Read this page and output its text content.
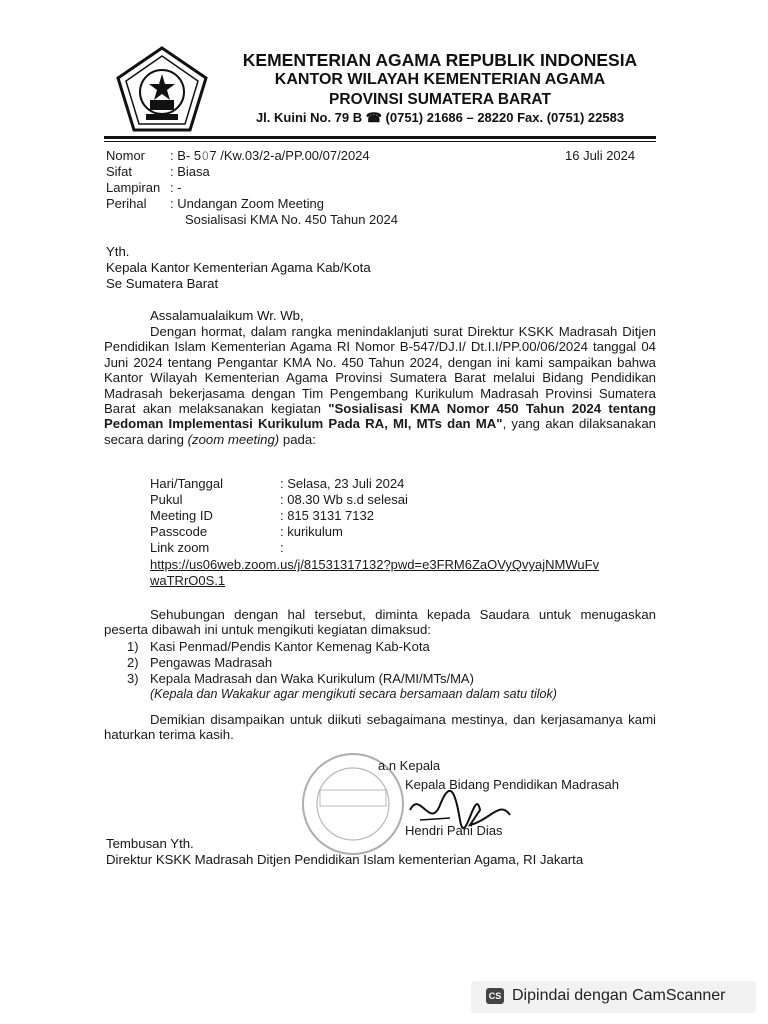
KEMENTERIAN AGAMA REPUBLIK INDONESIA
KANTOR WILAYAH KEMENTERIAN AGAMA
PROVINSI SUMATERA BARAT
Jl. Kuini No. 79 B ☎ (0751) 21686 – 28220 Fax. (0751) 22583
Nomor : B- 5𝟶7 /Kw.03/2-a/PP.00/07/2024	16 Juli 2024
Sifat	: Biasa
Lampiran : -
Perihal : Undangan Zoom Meeting
Sosialisasi KMA No. 450 Tahun 2024
Yth.
Kepala Kantor Kementerian Agama Kab/Kota
Se Sumatera Barat
Assalamualaikum Wr. Wb,
Dengan hormat, dalam rangka menindaklanjuti surat Direktur KSKK Madrasah Ditjen Pendidikan Islam Kementerian Agama RI Nomor B-547/DJ.I/ Dt.I.I/PP.00/06/2024 tanggal 04 Juni 2024 tentang Pengantar KMA No. 450 Tahun 2024, dengan ini kami sampaikan bahwa Kantor Wilayah Kementerian Agama Provinsi Sumatera Barat melalui Bidang Pendidikan Madrasah bekerjasama dengan Tim Pengembang Kurikulum Madrasah Provinsi Sumatera Barat akan melaksanakan kegiatan "Sosialisasi KMA Nomor 450 Tahun 2024 tentang Pedoman Implementasi Kurikulum Pada RA, MI, MTs dan MA", yang akan dilaksanakan secara daring (zoom meeting) pada:
Hari/Tanggal	: Selasa, 23 Juli 2024
Pukul	: 08.30 Wb s.d selesai
Meeting ID	: 815 3131 7132
Passcode	: kurikulum
Link zoom	:
https://us06web.zoom.us/j/81531317132?pwd=e3FRM6ZaOVyQvyajNMWuFv
waTRrO0S.1
Sehubungan dengan hal tersebut, diminta kepada Saudara untuk menugaskan peserta dibawah ini untuk mengikuti kegiatan dimaksud:
1) Kasi Penmad/Pendis Kantor Kemenag Kab-Kota
2) Pengawas Madrasah
3) Kepala Madrasah dan Waka Kurikulum (RA/MI/MTs/MA)
(Kepala dan Wakakur agar mengikuti secara bersamaan dalam satu tilok)
Demikian disampaikan untuk diikuti sebagaimana mestinya, dan kerjasamanya kami haturkan terima kasih.
a.n Kepala
Kepala Bidang Pendidikan Madrasah
Hendri Pani Dias
Tembusan Yth.
Direktur KSKK Madrasah Ditjen Pendidikan Islam kementerian Agama, RI Jakarta
CS Dipindai dengan CamScanner
